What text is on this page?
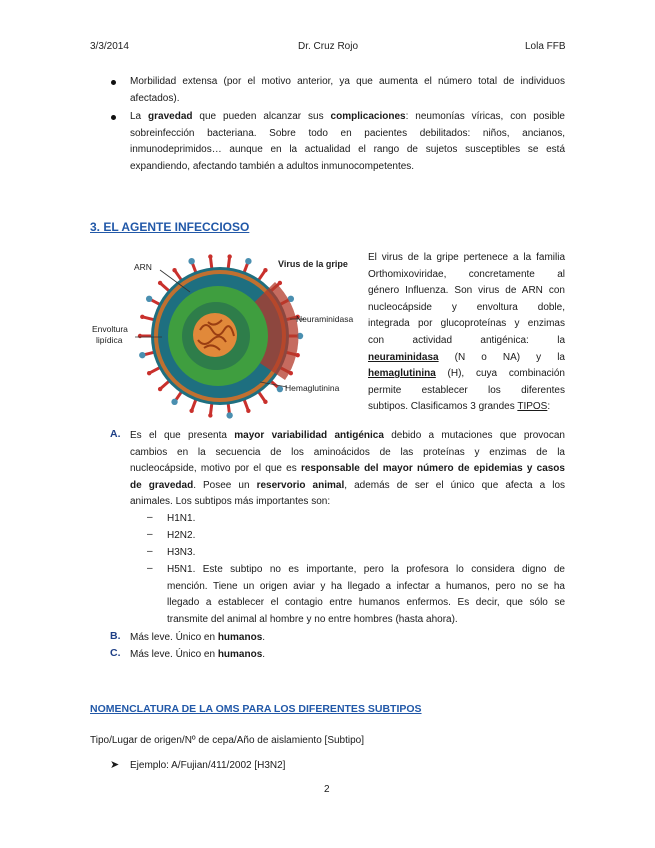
3/3/2014	Dr. Cruz Rojo	Lola FFB
Morbilidad extensa (por el motivo anterior, ya que aumenta el número total de individuos
afectados).
La gravedad que pueden alcanzar sus complicaciones: neumonías víricas, con posible
sobreinfección bacteriana. Sobre todo en pacientes debilitados: niños, ancianos,
inmunodeprimidos… aunque en la actualidad el rango de sujetos susceptibles se está
expandiendo, afectando también a adultos inmunocompetentes.
3. EL AGENTE INFECCIOSO
ARN	Virus de la gripe
Envoltura
lipídica
Neuraminidasa
Hemaglutinina
El virus de la gripe pertenece a la familia
Orthomixoviridae, concretamente al
género Influenza. Son virus de ARN con
nucleocápside y envoltura doble,
integrada por glucoproteínas y enzimas
con actividad antigénica: la
neuraminidasa (N o NA) y la
hemaglutinina (H), cuya combinación
permite establecer los diferentes
subtipos. Clasificamos 3 grandes TIPOS:
A. Es el que presenta mayor variabilidad antigénica debido a mutaciones que provocan
cambios en la secuencia de los aminoácidos de las proteínas y enzimas de la
nucleocápside, motivo por el que es responsable del mayor número de epidemias y casos
de gravedad. Posee un reservorio animal, además de ser el único que afecta a los
animales. Los subtipos más importantes son:
– H1N1.
– H2N2.
– H3N3.
– H5N1. Este subtipo no es importante, pero la profesora lo considera digno de
mención. Tiene un origen aviar y ha llegado a infectar a humanos, pero no se ha
llegado a establecer el contagio entre humanos enfermos. Es decir, que sólo se
transmite del animal al hombre y no entre hombres (hasta ahora).
B. Más leve. Único en humanos.
C. Más leve. Único en humanos.
NOMENCLATURA DE LA OMS PARA LOS DIFERENTES SUBTIPOS
Tipo/Lugar de origen/Nº de cepa/Año de aislamiento [Subtipo]
➤ Ejemplo: A/Fujian/411/2002 [H3N2]
2
